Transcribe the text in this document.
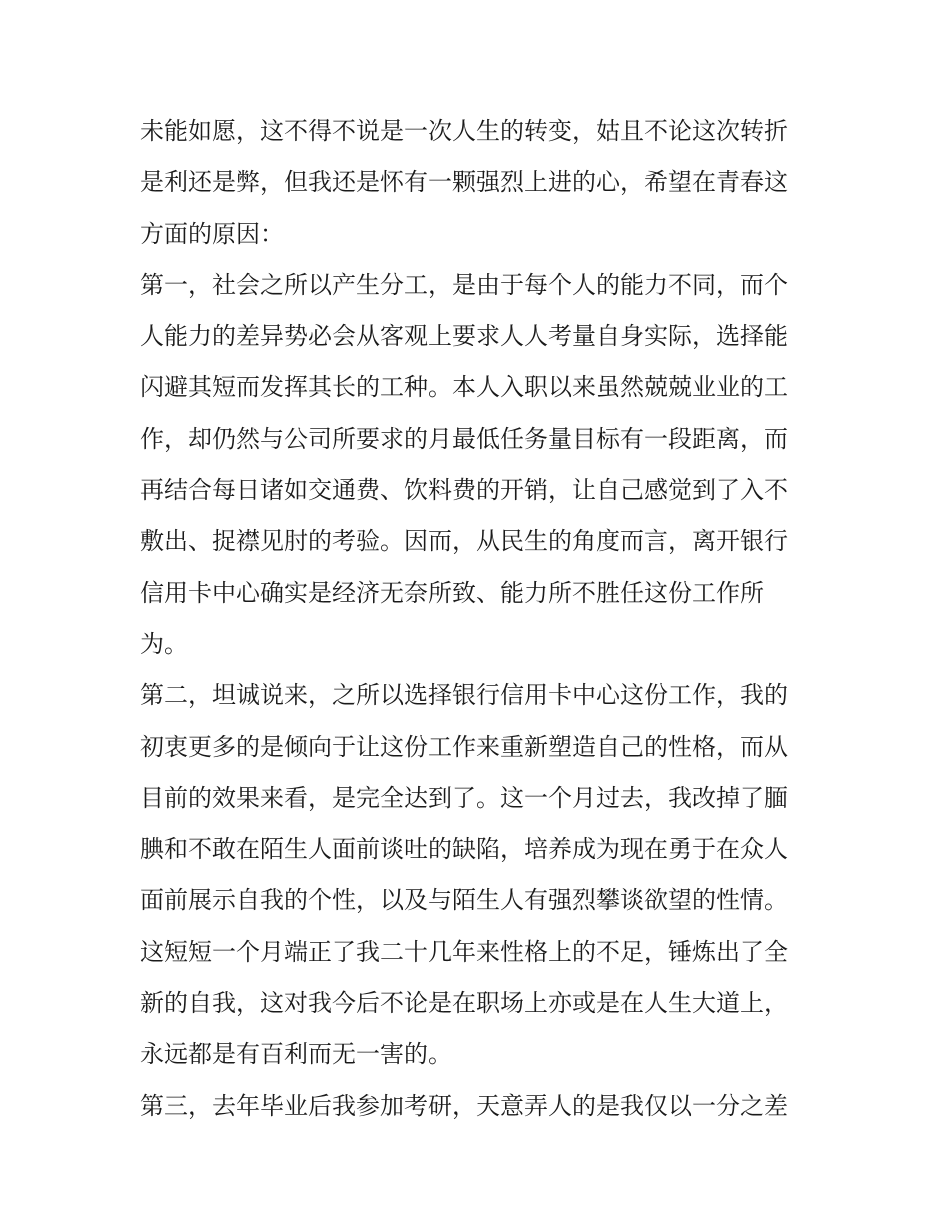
未能如愿，这不得不说是一次人生的转变，姑且不论这次转折
是利还是弊，但我还是怀有一颗强烈上进的心，希望在青春这
方面的原因：
第一，社会之所以产生分工，是由于每个人的能力不同，而个
人能力的差异势必会从客观上要求人人考量自身实际，选择能
闪避其短而发挥其长的工种。本人入职以来虽然兢兢业业的工
作，却仍然与公司所要求的月最低任务量目标有一段距离，而
再结合每日诸如交通费、饮料费的开销，让自己感觉到了入不
敷出、捉襟见肘的考验。因而，从民生的角度而言，离开银行
信用卡中心确实是经济无奈所致、能力所不胜任这份工作所
为。
第二，坦诚说来，之所以选择银行信用卡中心这份工作，我的
初衷更多的是倾向于让这份工作来重新塑造自己的性格，而从
目前的效果来看，是完全达到了。这一个月过去，我改掉了腼
腆和不敢在陌生人面前谈吐的缺陷，培养成为现在勇于在众人
面前展示自我的个性，以及与陌生人有强烈攀谈欲望的性情。
这短短一个月端正了我二十几年来性格上的不足，锤炼出了全
新的自我，这对我今后不论是在职场上亦或是在人生大道上，
永远都是有百利而无一害的。
第三，去年毕业后我参加考研，天意弄人的是我仅以一分之差
